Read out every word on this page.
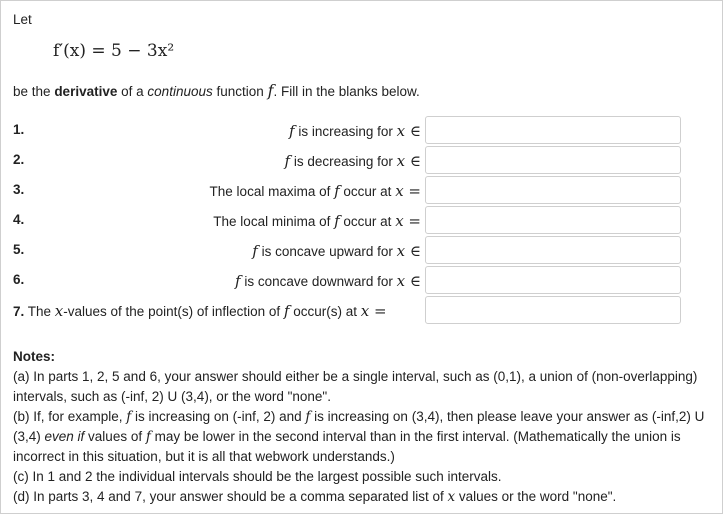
Let
f′(x) = 5 − 3x²
be the derivative of a continuous function f. Fill in the blanks below.
1.	f is increasing for x ∈
2.	f is decreasing for x ∈
3.	The local maxima of f occur at x =
4.	The local minima of f occur at x =
5.	f is concave upward for x ∈
6.	f is concave downward for x ∈
7. The x-values of the point(s) of inflection of f occur(s) at x =
Notes:
(a) In parts 1, 2, 5 and 6, your answer should either be a single interval, such as (0,1), a union of (non-overlapping) intervals, such as (-inf, 2) U (3,4), or the word "none".
(b) If, for example, f is increasing on (-inf, 2) and f is increasing on (3,4), then please leave your answer as (-inf,2) U (3,4) even if values of f may be lower in the second interval than in the first interval. (Mathematically the union is incorrect in this situation, but it is all that webwork understands.)
(c) In 1 and 2 the individual intervals should be the largest possible such intervals.
(d) In parts 3, 4 and 7, your answer should be a comma separated list of x values or the word "none".
